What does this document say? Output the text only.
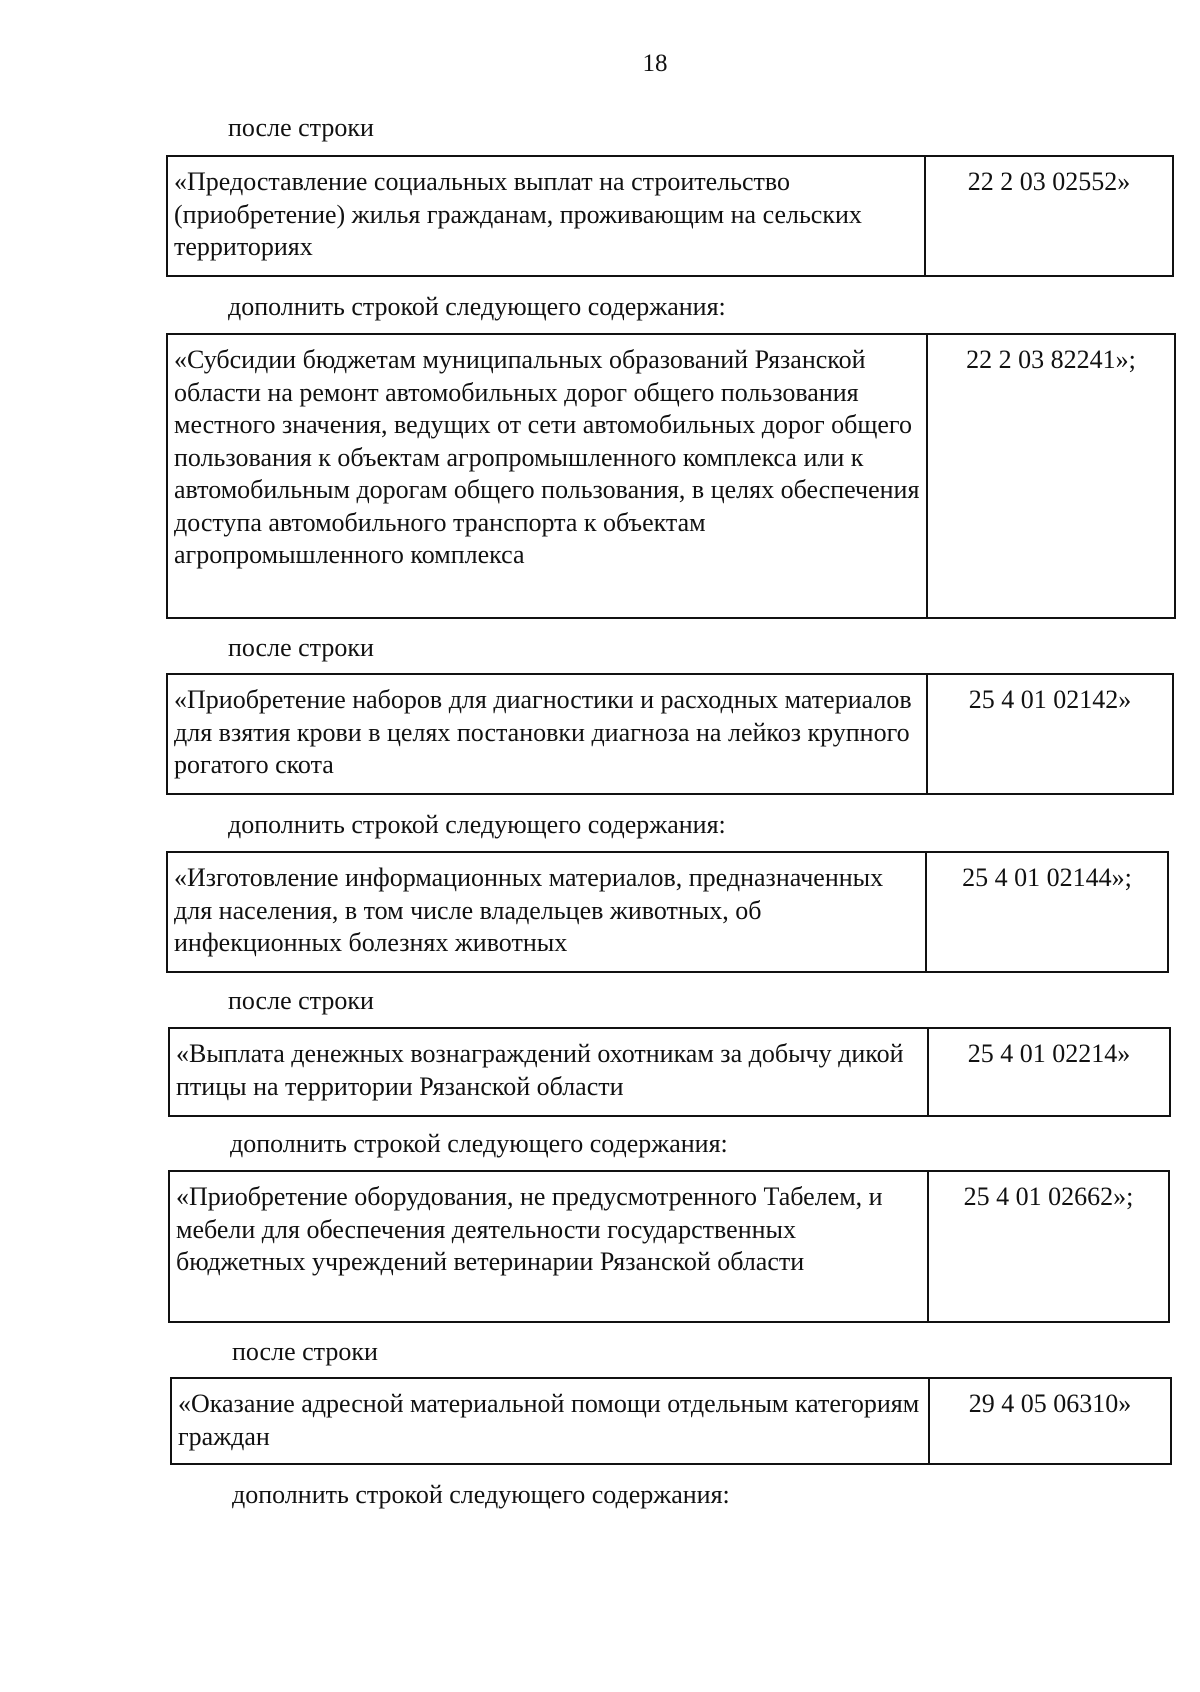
18
после строки
«Предоставление социальных выплат на строительство (приобретение) жилья гражданам, проживающим на сельских территориях	22 2 03 02552»
дополнить строкой следующего содержания:
«Субсидии бюджетам муниципальных образований Рязанской области на ремонт автомобильных дорог общего пользования местного значения, ведущих от сети автомобильных дорог общего пользования к объектам агропромышленного комплекса или к автомобильным дорогам общего пользования, в целях обеспечения доступа автомобильного транспорта к объектам агропромышленного комплекса	22 2 03 82241»;
после строки
«Приобретение наборов для диагностики и расходных материалов для взятия крови в целях постановки диагноза на лейкоз крупного рогатого скота	25 4 01 02142»
дополнить строкой следующего содержания:
«Изготовление информационных материалов, предназначенных для населения, в том числе владельцев животных, об инфекционных болезнях животных	25 4 01 02144»;
после строки
«Выплата денежных вознаграждений охотникам за добычу дикой птицы на территории Рязанской области	25 4 01 02214»
дополнить строкой следующего содержания:
«Приобретение оборудования, не предусмотренного Табелем, и мебели для обеспечения деятельности государственных бюджетных учреждений ветеринарии Рязанской области	25 4 01 02662»;
после строки
«Оказание адресной материальной помощи отдельным категориям граждан	29 4 05 06310»
дополнить строкой следующего содержания:
